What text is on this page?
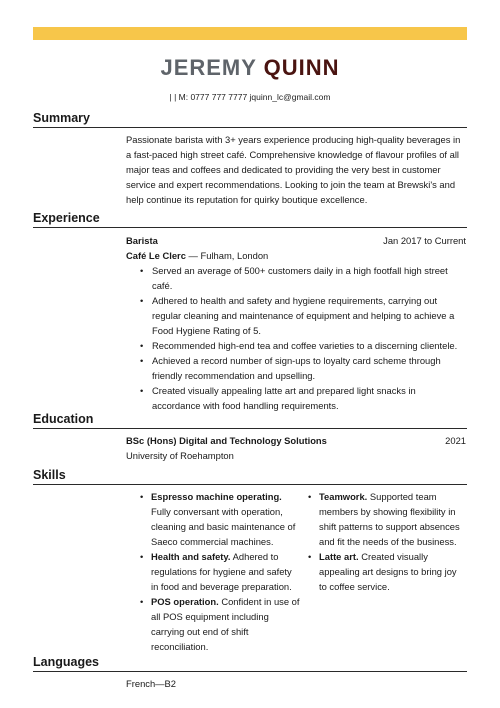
JEREMY QUINN
| | M: 0777 777 7777 jquinn_lc@gmail.com
Summary
Passionate barista with 3+ years experience producing high-quality beverages in a fast-paced high street café. Comprehensive knowledge of flavour profiles of all major teas and coffees and dedicated to providing the very best in customer service and expert recommendations. Looking to join the team at Brewski's and help continue its reputation for quirky boutique excellence.
Experience
Barista	Jan 2017 to Current
Café Le Clerc — Fulham, London
• Served an average of 500+ customers daily in a high footfall high street café.
• Adhered to health and safety and hygiene requirements, carrying out regular cleaning and maintenance of equipment and helping to achieve a Food Hygiene Rating of 5.
• Recommended high-end tea and coffee varieties to a discerning clientele.
• Achieved a record number of sign-ups to loyalty card scheme through friendly recommendation and upselling.
• Created visually appealing latte art and prepared light snacks in accordance with food handling requirements.
Education
BSc (Hons) Digital and Technology Solutions	2021
University of Roehampton
Skills
• Espresso machine operating. Fully conversant with operation, cleaning and basic maintenance of Saeco commercial machines.
• Health and safety. Adhered to regulations for hygiene and safety in food and beverage preparation.
• POS operation. Confident in use of all POS equipment including carrying out end of shift reconciliation.
• Teamwork. Supported team members by showing flexibility in shift patterns to support absences and fit the needs of the business.
• Latte art. Created visually appealing art designs to bring joy to coffee service.
Languages
French—B2
